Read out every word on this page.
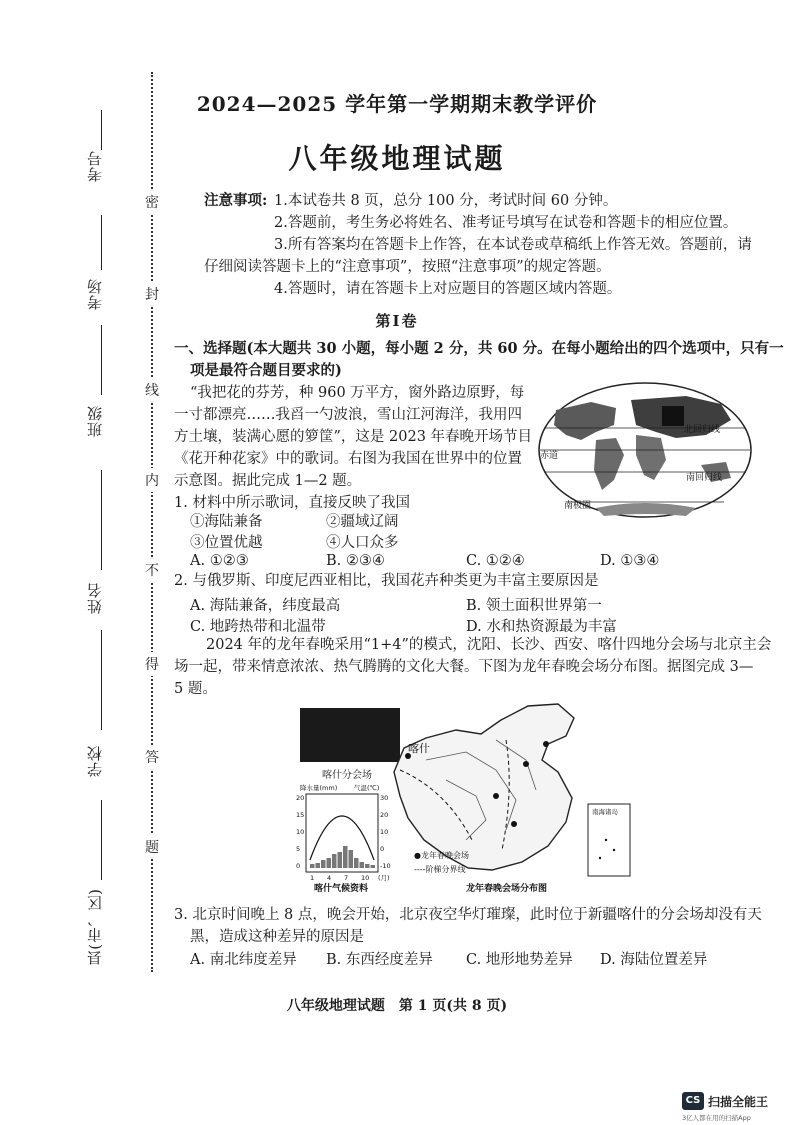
考号
考场
班级
姓名
学校
县(市、区)
密
封
线
内
不
得
答
题
2024—2025 学年第一学期期末教学评价
八年级地理试题
注意事项: 1.本试卷共 8 页，总分 100 分，考试时间 60 分钟。
2.答题前，考生务必将姓名、准考证号填写在试卷和答题卡的相应位置。
3.所有答案均在答题卡上作答，在本试卷或草稿纸上作答无效。答题前，请
仔细阅读答题卡上的“注意事项”，按照“注意事项”的规定答题。
4.答题时，请在答题卡上对应题目的答题区域内答题。
第Ⅰ卷
一、选择题(本大题共 30 小题，每小题 2 分，共 60 分。在每小题给出的四个选项中，只有一
项是最符合题目要求的)
“我把花的芬芳，种 960 万平方，窗外路边原野，每
一寸都漂亮……我舀一勺波浪，雪山江河海洋，我用四
方土壤，装满心愿的箩筐”，这是 2023 年春晚开场节目
《花开种花家》中的歌词。右图为我国在世界中的位置
示意图。据此完成 1—2 题。
北回归线
赤道
南回归线
南极圈
1. 材料中所示歌词，直接反映了我国
①海陆兼备	②疆域辽阔
③位置优越	④人口众多
A. ①②③	B. ②③④	C. ①②④	D. ①③④
2. 与俄罗斯、印度尼西亚相比，我国花卉种类更为丰富主要原因是
A. 海陆兼备，纬度最高	B. 领土面积世界第一
C. 地跨热带和北温带	D. 水和热资源最为丰富
2024 年的龙年春晚采用“1+4”的模式，沈阳、长沙、西安、喀什四地分会场与北京主会
场一起，带来情意浓浓、热气腾腾的文化大餐。下图为龙年春晚会场分布图。据图完成 3—
5 题。
喀什分会场
喀什
南海诸岛
降水量(mm)	气温(℃)
20
15
10
5
0
30
20
10
0
-10
1 4 7 10 (月)
●龙年春晚会场
----阶梯分界线
喀什气候资料	龙年春晚会场分布图
3. 北京时间晚上 8 点，晚会开始，北京夜空华灯璀璨，此时位于新疆喀什的分会场却没有天
黑，造成这种差异的原因是
A. 南北纬度差异 B. 东西经度差异 C. 地形地势差异 D. 海陆位置差异
八年级地理试题　第 1 页(共 8 页)
CS 扫描全能王
3亿人都在用的扫描App
